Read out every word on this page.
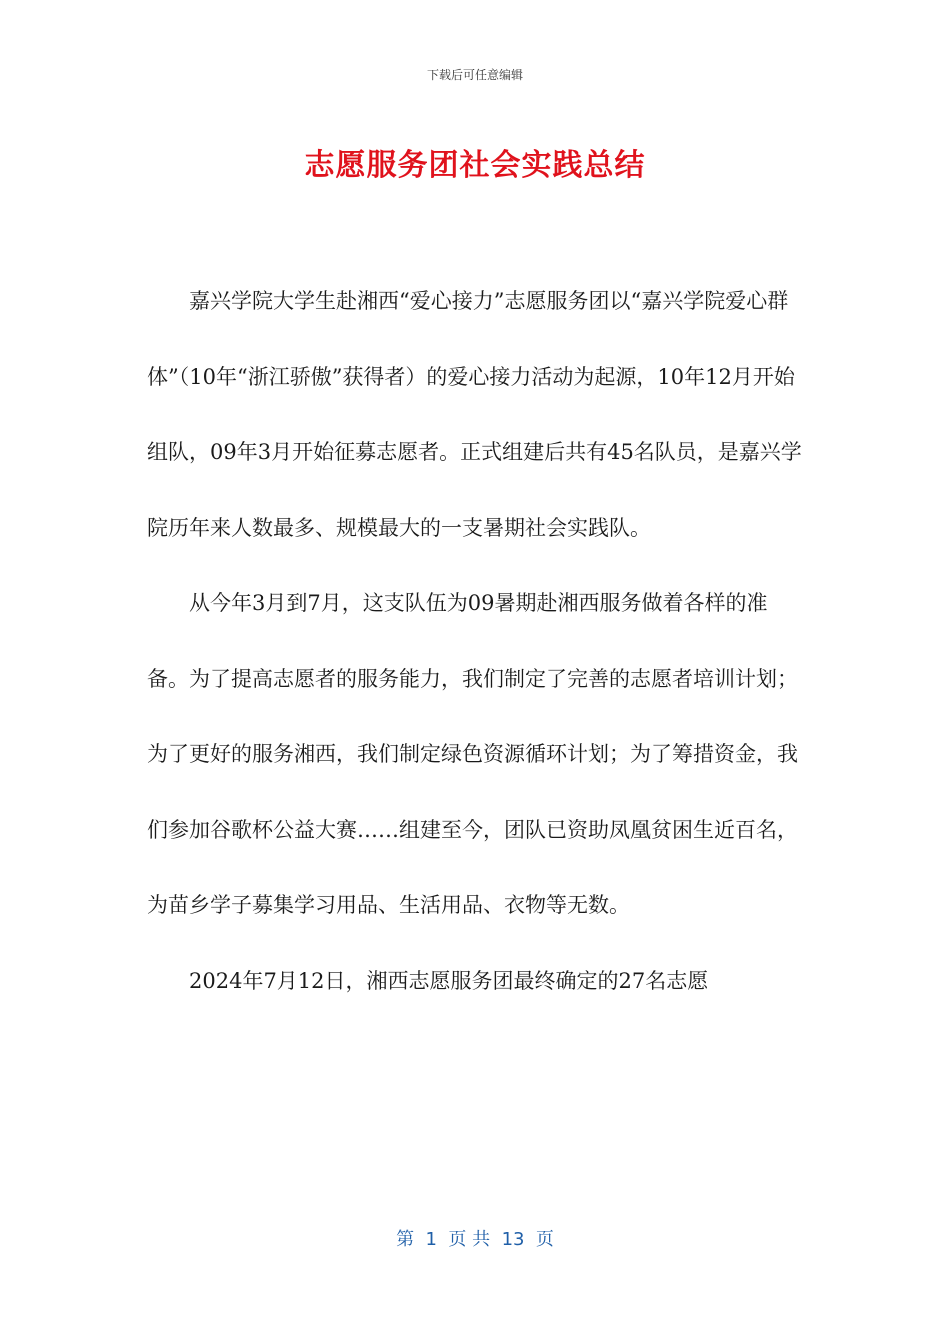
下载后可任意编辑
志愿服务团社会实践总结

嘉兴学院大学生赴湘西“爱心接力”志愿服务团以“嘉兴学院爱心群体”（10年“浙江骄傲”获得者）的爱心接力活动为起源，10年12月开始组队，09年3月开始征募志愿者。正式组建后共有45名队员，是嘉兴学院历年来人数最多、规模最大的一支暑期社会实践队。

从今年3月到7月，这支队伍为09暑期赴湘西服务做着各样的准备。为了提高志愿者的服务能力，我们制定了完善的志愿者培训计划；为了更好的服务湘西，我们制定绿色资源循环计划；为了筹措资金，我们参加谷歌杯公益大赛……组建至今，团队已资助凤凰贫困生近百名，为苗乡学子募集学习用品、生活用品、衣物等无数。

2024年7月12日，湘西志愿服务团最终确定的27名志愿

第  1  页 共  13  页
